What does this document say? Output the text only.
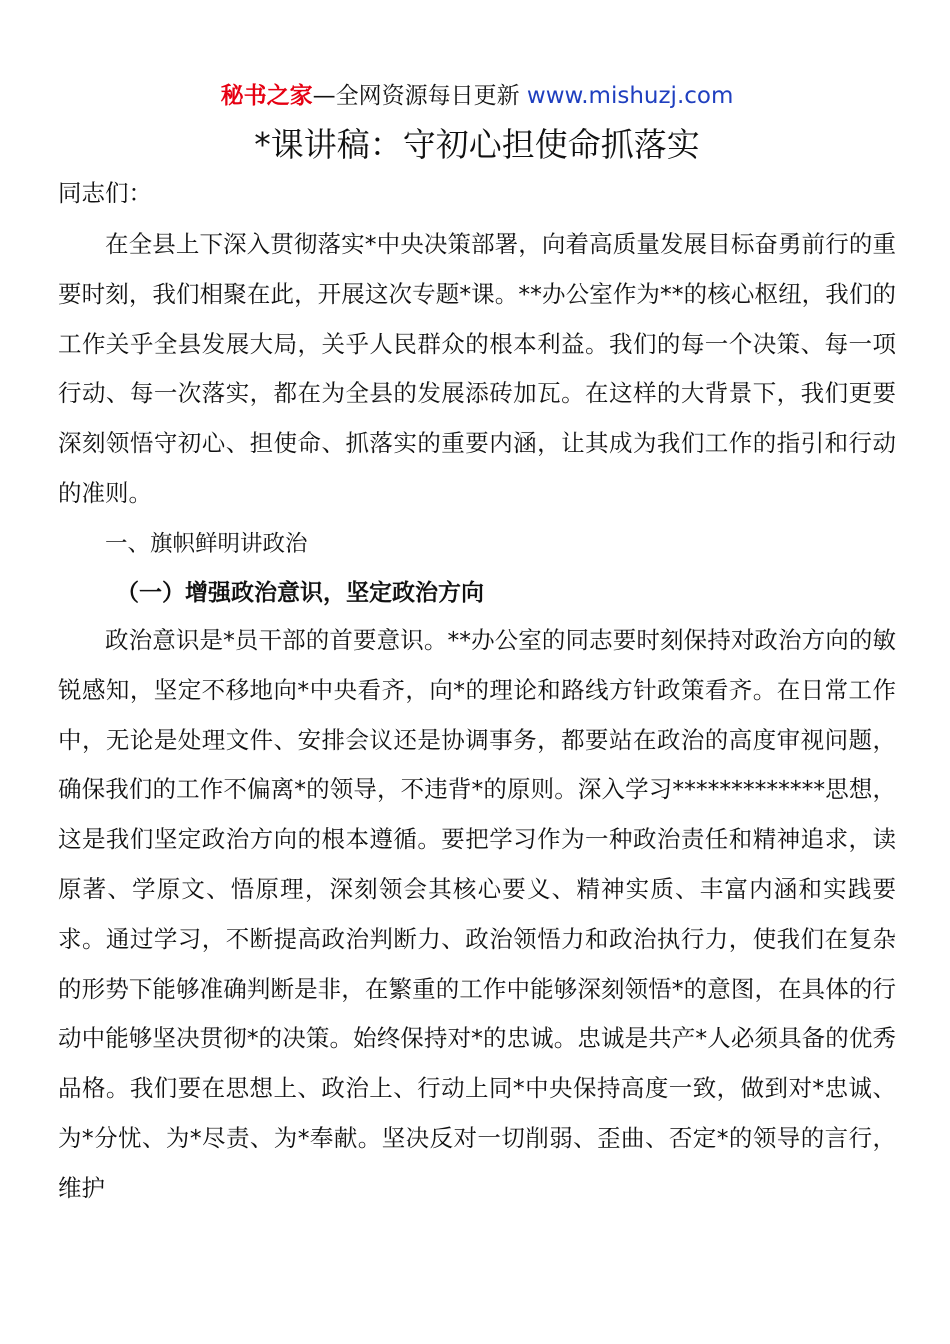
秘书之家—全网资源每日更新 www.mishuzj.com
*课讲稿：守初心担使命抓落实
同志们：

在全县上下深入贯彻落实*中央决策部署，向着高质量发展目标奋勇前行的重要时刻，我们相聚在此，开展这次专题*课。**办公室作为**的核心枢纽，我们的工作关乎全县发展大局，关乎人民群众的根本利益。我们的每一个决策、每一项行动、每一次落实，都在为全县的发展添砖加瓦。在这样的大背景下，我们更要深刻领悟守初心、担使命、抓落实的重要内涵，让其成为我们工作的指引和行动的准则。

一、旗帜鲜明讲政治
（一）增强政治意识，坚定政治方向

政治意识是*员干部的首要意识。**办公室的同志要时刻保持对政治方向的敏锐感知，坚定不移地向*中央看齐，向*的理论和路线方针政策看齐。在日常工作中，无论是处理文件、安排会议还是协调事务，都要站在政治的高度审视问题，确保我们的工作不偏离*的领导，不违背*的原则。深入学习*************思想，这是我们坚定政治方向的根本遵循。要把学习作为一种政治责任和精神追求，读原著、学原文、悟原理，深刻领会其核心要义、精神实质、丰富内涵和实践要求。通过学习，不断提高政治判断力、政治领悟力和政治执行力，使我们在复杂的形势下能够准确判断是非，在繁重的工作中能够深刻领悟*的意图，在具体的行动中能够坚决贯彻*的决策。始终保持对*的忠诚。忠诚是共产*人必须具备的优秀品格。我们要在思想上、政治上、行动上同*中央保持高度一致，做到对*忠诚、为*分忧、为*尽责、为*奉献。坚决反对一切削弱、歪曲、否定*的领导的言行，维护
